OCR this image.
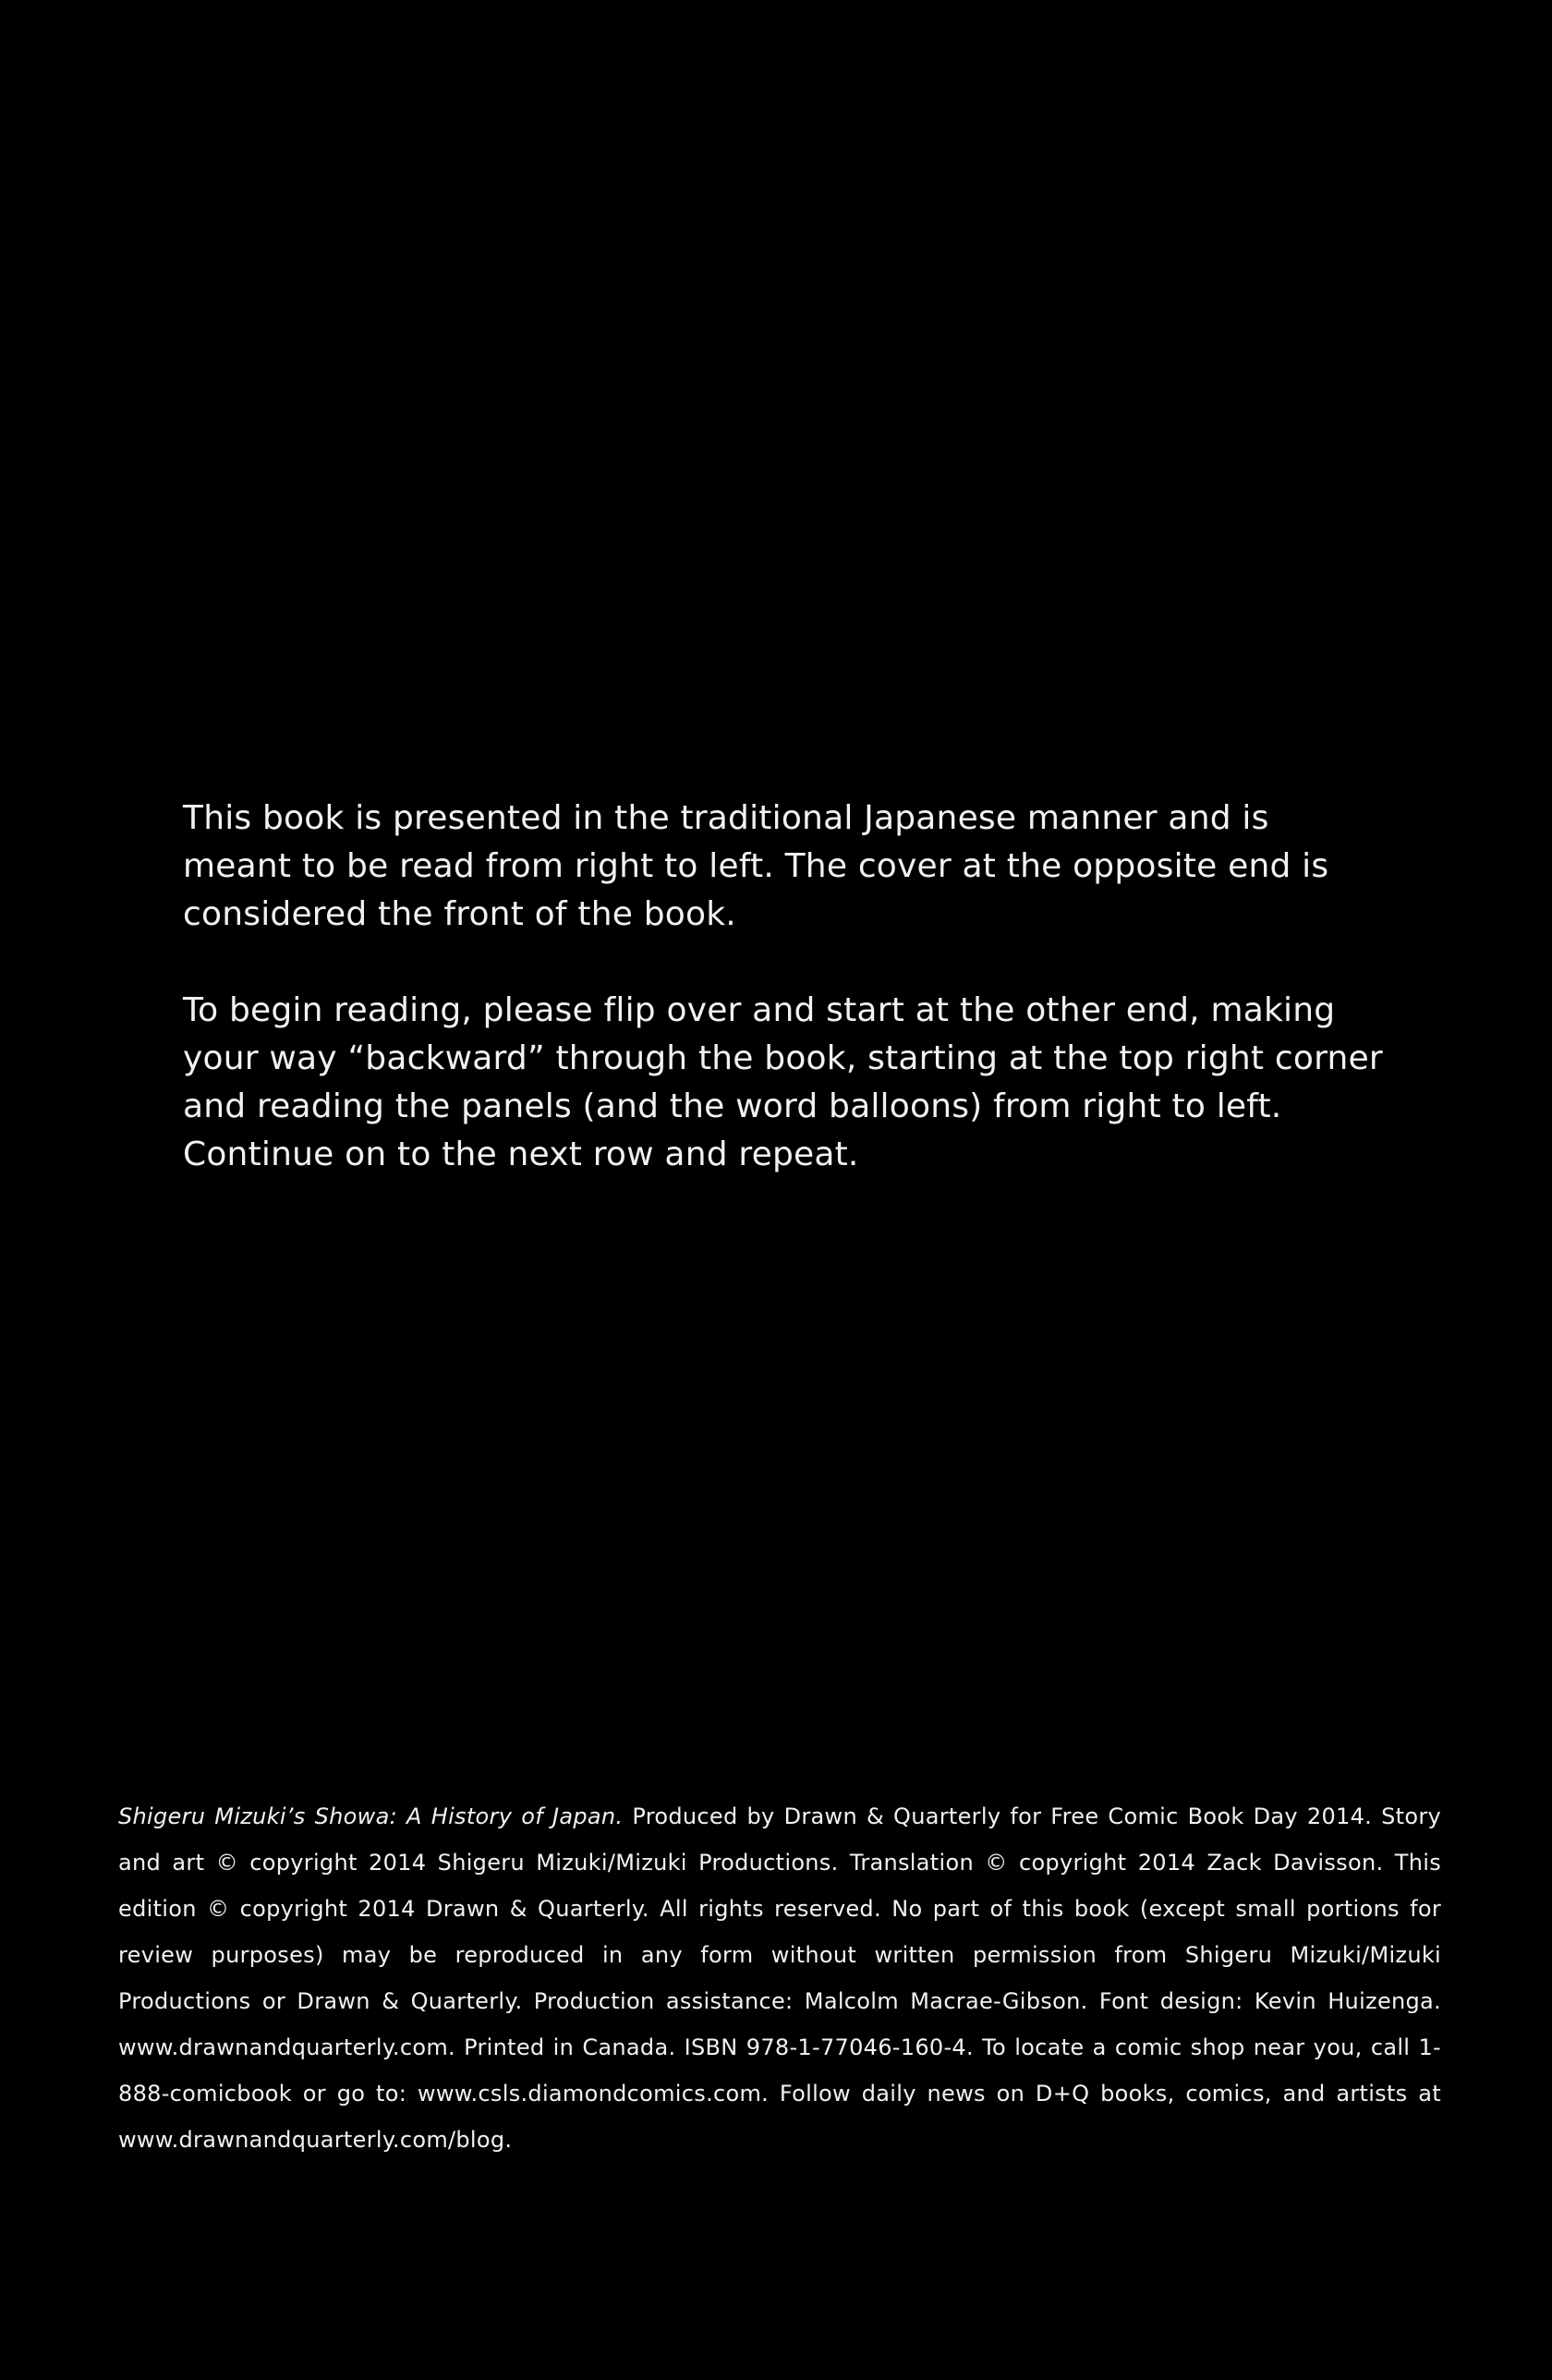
This book is presented in the traditional Japanese manner and is meant to be read from right to left. The cover at the opposite end is considered the front of the book.

To begin reading, please flip over and start at the other end, making your way “backward” through the book, starting at the top right corner and reading the panels (and the word balloons) from right to left. Continue on to the next row and repeat.

Shigeru Mizuki’s Showa: A History of Japan. Produced by Drawn & Quarterly for Free Comic Book Day 2014. Story and art © copyright 2014 Shigeru Mizuki/Mizuki Productions. Translation © copyright 2014 Zack Davisson. This edition © copyright 2014 Drawn & Quarterly. All rights reserved. No part of this book (except small portions for review purposes) may be reproduced in any form without written permission from Shigeru Mizuki/Mizuki Productions or Drawn & Quarterly. Production assistance: Malcolm Macrae-Gibson. Font design: Kevin Huizenga. www.drawnandquarterly.com. Printed in Canada. ISBN 978-1-77046-160-4. To locate a comic shop near you, call 1-888-comicbook or go to: www.csls.diamondcomics.com. Follow daily news on D+Q books, comics, and artists at www.drawnandquarterly.com/blog.
